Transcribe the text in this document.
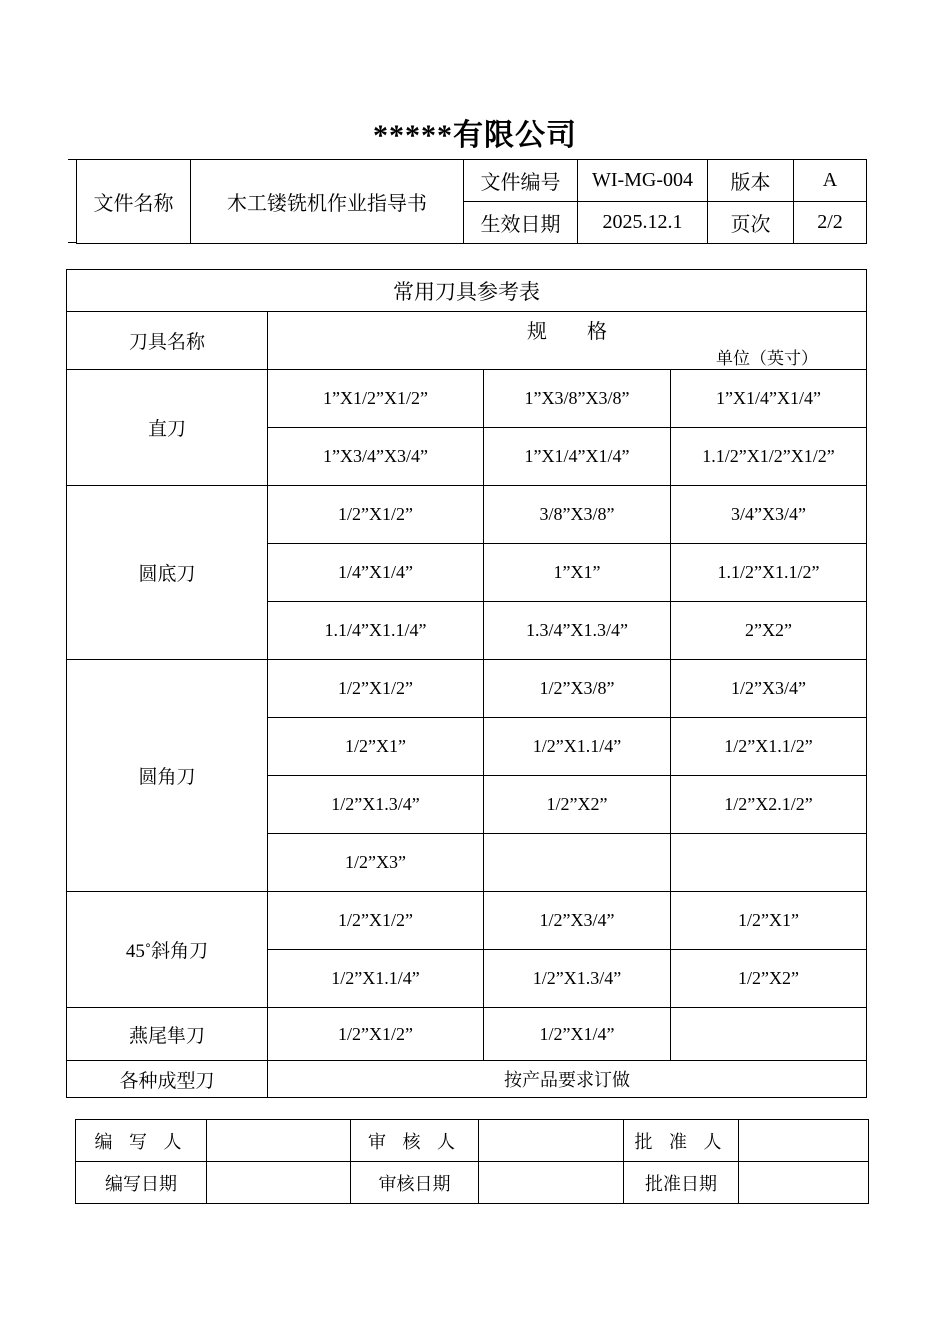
*****有限公司
文件名称	木工镂铣机作业指导书	文件编号	WI-MG-004	版本	A
		生效日期	2025.12.1	页次	2/2
常用刀具参考表			
刀具名称	规　　格
单位（英寸）		

直刀	1”X1/2”X1/2”	1”X3/8”X3/8”	1”X1/4”X1/4”
	1”X3/4”X3/4”	1”X1/4”X1/4”	1.1/2”X1/2”X1/2”
圆底刀	1/2”X1/2”	3/8”X3/8”	3/4”X3/4”
	1/4”X1/4”	1”X1”	1.1/2”X1.1/2”
	1.1/4”X1.1/4”	1.3/4”X1.3/4”	2”X2”
圆角刀	1/2”X1/2”	1/2”X3/8”	1/2”X3/4”
	1/2”X1”	1/2”X1.1/4”	1/2”X1.1/2”
	1/2”X1.3/4”	1/2”X2”	1/2”X2.1/2”
	1/2”X3”		
45˚斜角刀	1/2”X1/2”	1/2”X3/4”	1/2”X1”
	1/2”X1.1/4”	1/2”X1.3/4”	1/2”X2”
燕尾隼刀	1/2”X1/2”	1/2”X1/4”	
各种成型刀	按产品要求订做		
编 写 人		审 核 人		批 准 人	
编写日期		审核日期		批准日期	
